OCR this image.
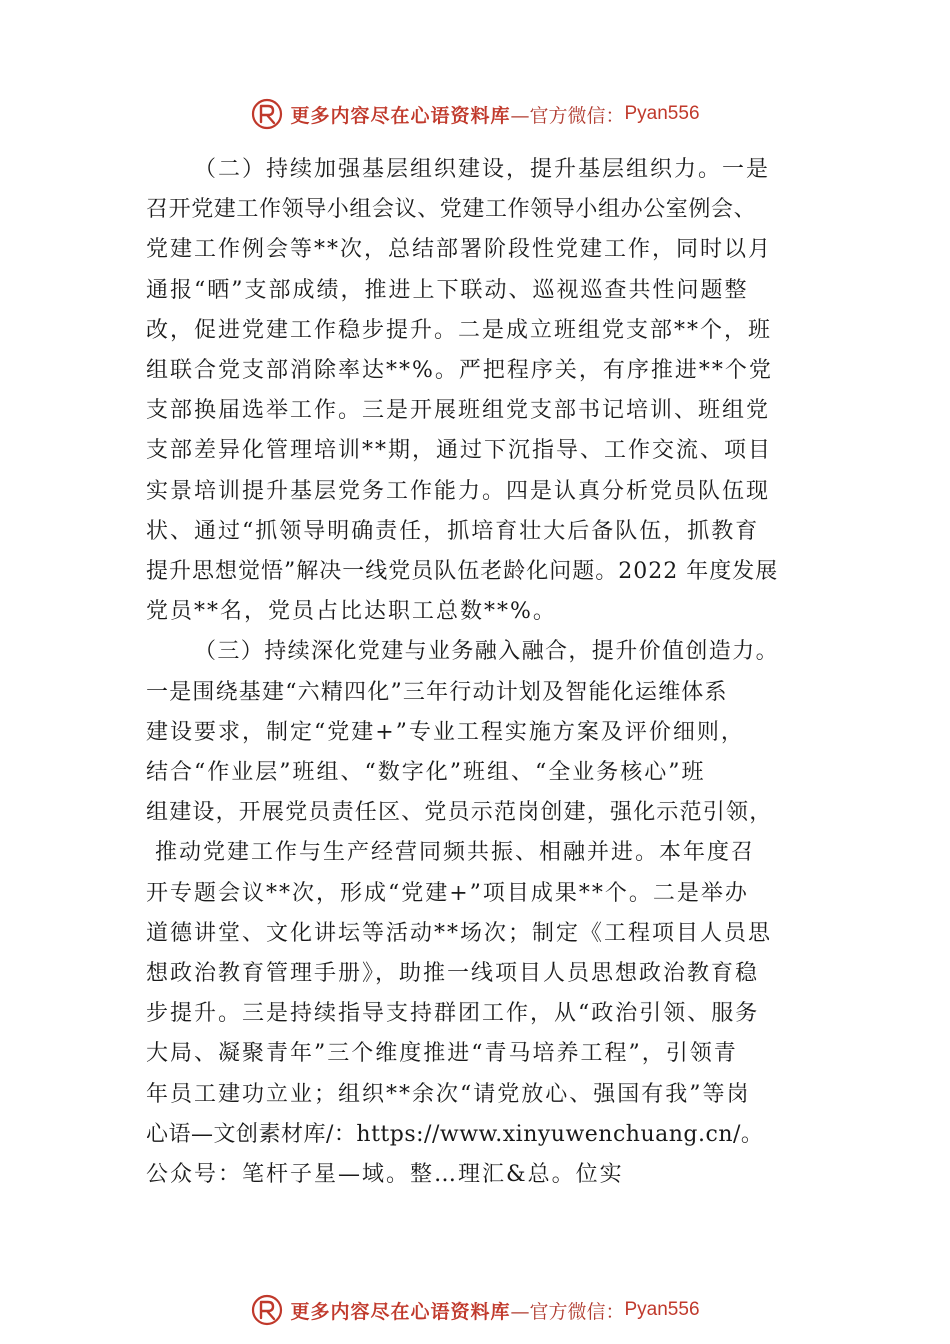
更多内容尽在心语资料库 —官方微信： Pyan556
（二）持续加强基层组织建设，提升基层组织力。一是
召开党建工作领导小组会议、党建工作领导小组办公室例会、
党建工作例会等**次，总结部署阶段性党建工作，同时以月
通报“晒”支部成绩，推进上下联动、巡视巡查共性问题整
改，促进党建工作稳步提升。二是成立班组党支部**个，班
组联合党支部消除率达**%。严把程序关，有序推进**个党
支部换届选举工作。三是开展班组党支部书记培训、班组党
支部差异化管理培训**期，通过下沉指导、工作交流、项目
实景培训提升基层党务工作能力。四是认真分析党员队伍现
状、通过“抓领导明确责任，抓培育壮大后备队伍，抓教育
提升思想觉悟”解决一线党员队伍老龄化问题。2022 年度发展
党员**名，党员占比达职工总数**%。
（三）持续深化党建与业务融入融合，提升价值创造力。
一是围绕基建“六精四化”三年行动计划及智能化运维体系
建设要求，制定“党建+”专业工程实施方案及评价细则，
结合“作业层”班组、“数字化”班组、“全业务核心”班
组建设，开展党员责任区、党员示范岗创建，强化示范引领，
推动党建工作与生产经营同频共振、相融并进。本年度召
开专题会议**次，形成“党建+”项目成果**个。二是举办
道德讲堂、文化讲坛等活动**场次；制定《工程项目人员思
想政治教育管理手册》，助推一线项目人员思想政治教育稳
步提升。三是持续指导支持群团工作，从“政治引领、服务
大局、凝聚青年”三个维度推进“青马培养工程”，引领青
年员工建功立业；组织**余次“请党放心、强国有我”等岗
心语—文创素材库/：https://www.xinyuwenchuang.cn/。
公众号：笔杆子星—域。整…理汇&总。位实
更多内容尽在心语资料库 —官方微信： Pyan556
